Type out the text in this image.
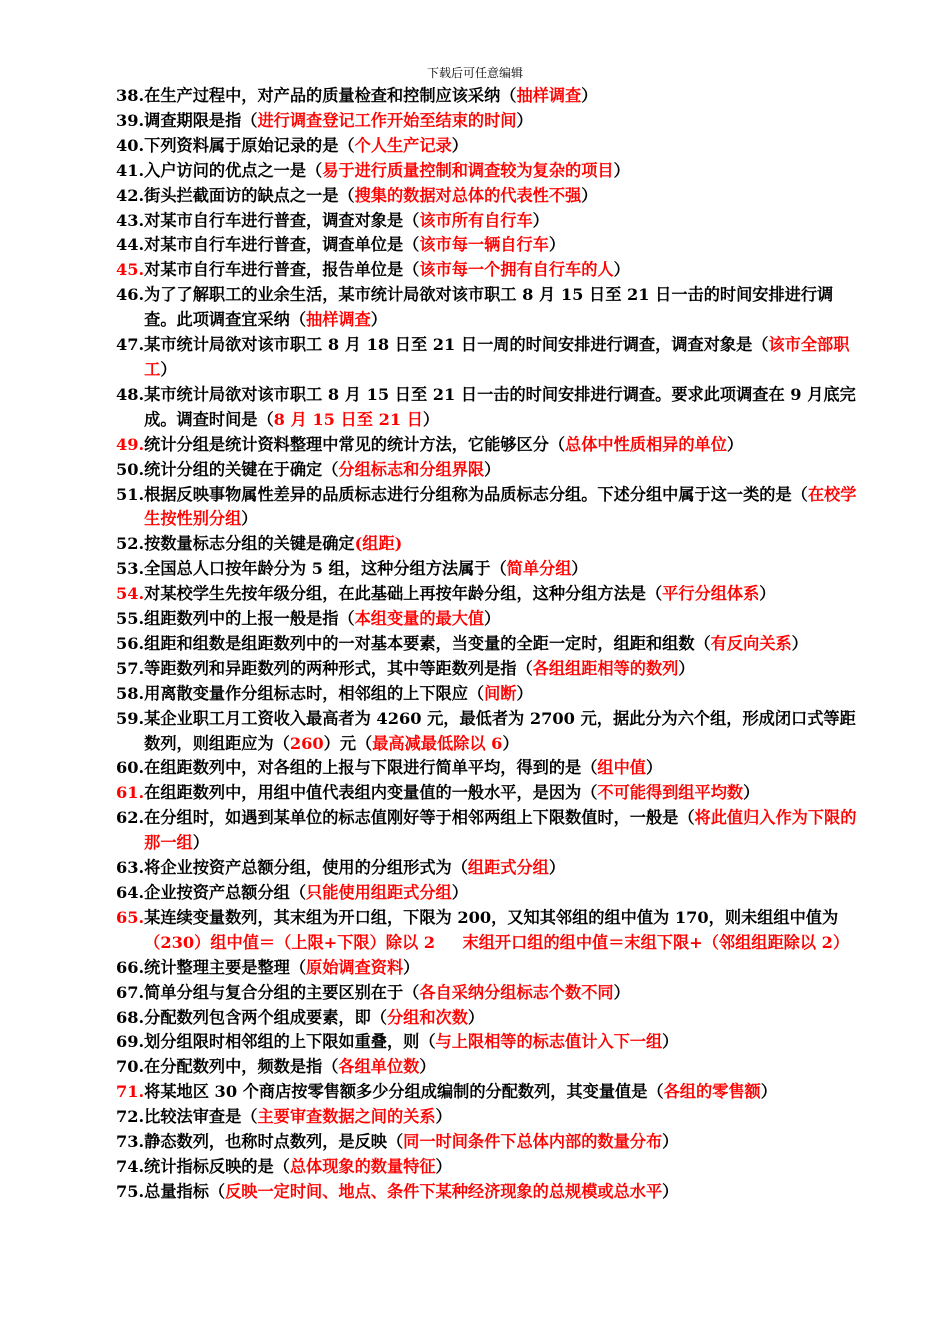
下载后可任意编辑
38. 在生产过程中，对产品的质量检查和控制应该采纳（抽样调查）
39. 调查期限是指（进行调查登记工作开始至结束的时间）
40. 下列资料属于原始记录的是（个人生产记录）
41. 入户访问的优点之一是（易于进行质量控制和调查较为复杂的项目）
42. 街头拦截面访的缺点之一是（搜集的数据对总体的代表性不强）
43. 对某市自行车进行普查，调查对象是（该市所有自行车）
44. 对某市自行车进行普查，调查单位是（该市每一辆自行车）
45. 对某市自行车进行普查，报告单位是（该市每一个拥有自行车的人）
46. 为了了解职工的业余生活，某市统计局欲对该市职工 8 月 15 日至 21 日一击的时间安排进行调查。此项调查宜采纳（抽样调查）
47. 某市统计局欲对该市职工 8 月 18 日至 21 日一周的时间安排进行调查，调查对象是（该市全部职工）
48. 某市统计局欲对该市职工 8 月 15 日至 21 日一击的时间安排进行调查。要求此项调查在 9 月底完成。调查时间是（8 月 15 日至 21 日）
49. 统计分组是统计资料整理中常见的统计方法，它能够区分（总体中性质相异的单位）
50. 统计分组的关键在于确定（分组标志和分组界限）
51. 根据反映事物属性差异的品质标志进行分组称为品质标志分组。下述分组中属于这一类的是（在校学生按性别分组）
52. 按数量标志分组的关键是确定(组距)
53. 全国总人口按年龄分为 5 组，这种分组方法属于（简单分组）
54. 对某校学生先按年级分组，在此基础上再按年龄分组，这种分组方法是（平行分组体系）
55. 组距数列中的上报一般是指（本组变量的最大值）
56. 组距和组数是组距数列中的一对基本要素，当变量的全距一定时，组距和组数（有反向关系）
57. 等距数列和异距数列的两种形式，其中等距数列是指（各组组距相等的数列）
58. 用离散变量作分组标志时，相邻组的上下限应（间断）
59. 某企业职工月工资收入最高者为 4260 元，最低者为 2700 元，据此分为六个组，形成闭口式等距数列，则组距应为（260）元（最高减最低除以 6）
60. 在组距数列中，对各组的上报与下限进行简单平均，得到的是（组中值）
61. 在组距数列中，用组中值代表组内变量值的一般水平，是因为（不可能得到组平均数）
62. 在分组时，如遇到某单位的标志值刚好等于相邻两组上下限数值时，一般是（将此值归入作为下限的那一组）
63. 将企业按资产总额分组，使用的分组形式为（组距式分组）
64. 企业按资产总额分组（只能使用组距式分组）
65. 某连续变量数列，其末组为开口组，下限为 200，又知其邻组的组中值为 170，则未组组中值为（230）组中值＝（上限+下限）除以 2 　 末组开口组的组中值＝末组下限+（邻组组距除以 2）
66. 统计整理主要是整理（原始调查资料）
67. 简单分组与复合分组的主要区别在于（各自采纳分组标志个数不同）
68. 分配数列包含两个组成要素，即（分组和次数）
69. 划分组限时相邻组的上下限如重叠，则（与上限相等的标志值计入下一组）
70. 在分配数列中，频数是指（各组单位数）
71. 将某地区 30 个商店按零售额多少分组成编制的分配数列，其变量值是（各组的零售额）
72. 比较法审查是（主要审查数据之间的关系）
73. 静态数列，也称时点数列，是反映（同一时间条件下总体内部的数量分布）
74. 统计指标反映的是（总体现象的数量特征）
75. 总量指标（反映一定时间、地点、条件下某种经济现象的总规模或总水平）
